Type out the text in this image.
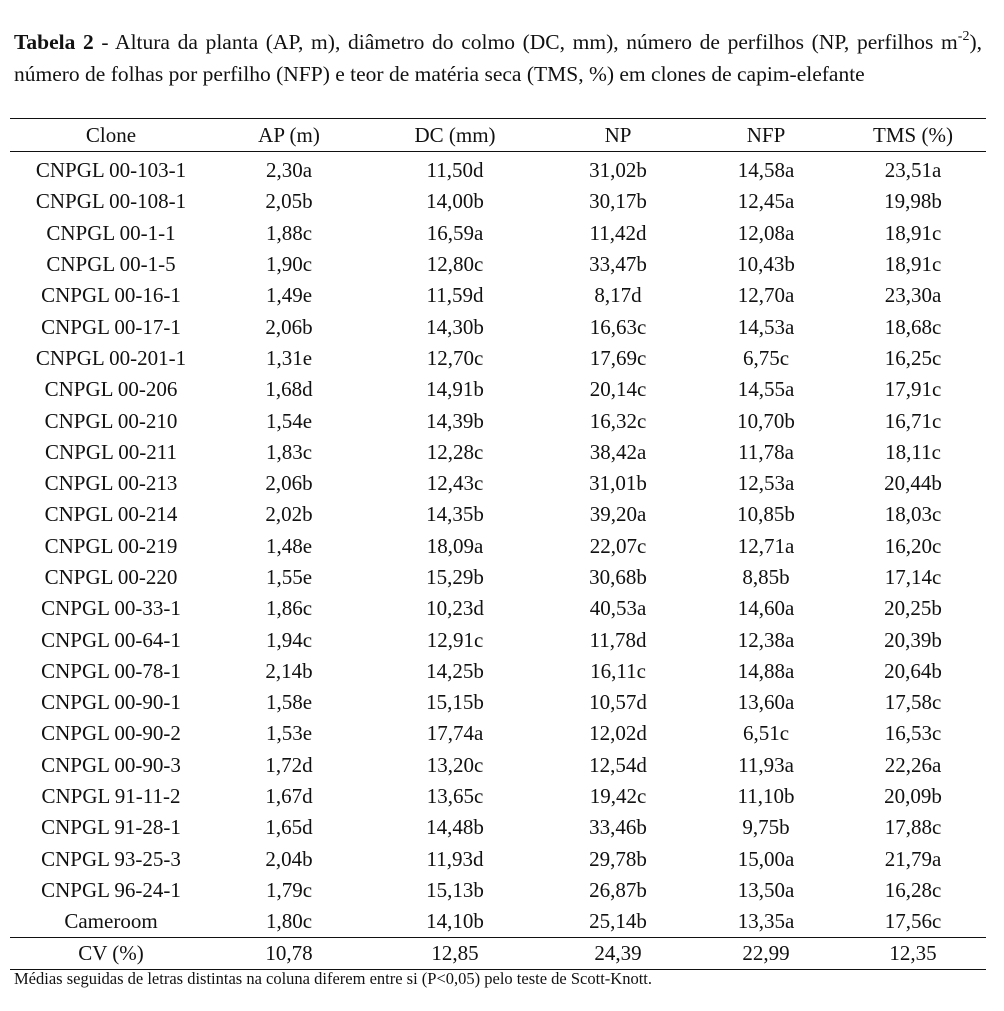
Tabela 2 - Altura da planta (AP, m), diâmetro do colmo (DC, mm), número de perfilhos (NP, perfilhos $m^{-2}$), número de folhas por perfilho (NFP) e teor de matéria seca (TMS, %) em clones de capim-elefante

Clone	AP (m)	DC (mm)	NP	NFP	TMS (%)
CNPGL 00-103-1	2,30a	11,50d	31,02b	14,58a	23,51a
CNPGL 00-108-1	2,05b	14,00b	30,17b	12,45a	19,98b
CNPGL 00-1-1	1,88c	16,59a	11,42d	12,08a	18,91c
CNPGL 00-1-5	1,90c	12,80c	33,47b	10,43b	18,91c
CNPGL 00-16-1	1,49e	11,59d	8,17d	12,70a	23,30a
CNPGL 00-17-1	2,06b	14,30b	16,63c	14,53a	18,68c
CNPGL 00-201-1	1,31e	12,70c	17,69c	6,75c	16,25c
CNPGL 00-206	1,68d	14,91b	20,14c	14,55a	17,91c
CNPGL 00-210	1,54e	14,39b	16,32c	10,70b	16,71c
CNPGL 00-211	1,83c	12,28c	38,42a	11,78a	18,11c
CNPGL 00-213	2,06b	12,43c	31,01b	12,53a	20,44b
CNPGL 00-214	2,02b	14,35b	39,20a	10,85b	18,03c
CNPGL 00-219	1,48e	18,09a	22,07c	12,71a	16,20c
CNPGL 00-220	1,55e	15,29b	30,68b	8,85b	17,14c
CNPGL 00-33-1	1,86c	10,23d	40,53a	14,60a	20,25b
CNPGL 00-64-1	1,94c	12,91c	11,78d	12,38a	20,39b
CNPGL 00-78-1	2,14b	14,25b	16,11c	14,88a	20,64b
CNPGL 00-90-1	1,58e	15,15b	10,57d	13,60a	17,58c
CNPGL 00-90-2	1,53e	17,74a	12,02d	6,51c	16,53c
CNPGL 00-90-3	1,72d	13,20c	12,54d	11,93a	22,26a
CNPGL 91-11-2	1,67d	13,65c	19,42c	11,10b	20,09b
CNPGL 91-28-1	1,65d	14,48b	33,46b	9,75b	17,88c
CNPGL 93-25-3	2,04b	11,93d	29,78b	15,00a	21,79a
CNPGL 96-24-1	1,79c	15,13b	26,87b	13,50a	16,28c
Cameroom	1,80c	14,10b	25,14b	13,35a	17,56c
CV (%)	10,78	12,85	24,39	22,99	12,35
Médias seguidas de letras distintas na coluna diferem entre si (P<0,05) pelo teste de Scott-Knott.
